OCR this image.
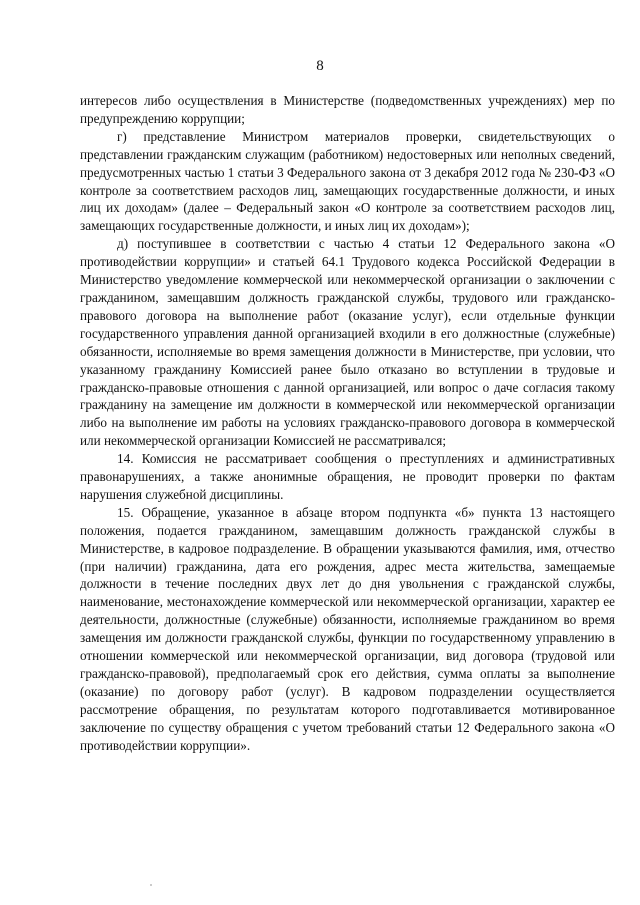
8

интересов либо осуществления в Министерстве (подведомственных учреждениях) мер по предупреждению коррупции;

г) представление Министром материалов проверки, свидетельствующих о представлении гражданским служащим (работником) недостоверных или неполных сведений, предусмотренных частью 1 статьи 3 Федерального закона от 3 декабря 2012 года № 230-ФЗ «О контроле за соответствием расходов лиц, замещающих государственные должности, и иных лиц их доходам» (далее – Федеральный закон «О контроле за соответствием расходов лиц, замещающих государственные должности, и иных лиц их доходам»);

д) поступившее в соответствии с частью 4 статьи 12 Федерального закона «О противодействии коррупции» и статьей 64.1 Трудового кодекса Российской Федерации в Министерство уведомление коммерческой или некоммерческой организации о заключении с гражданином, замещавшим должность гражданской службы, трудового или гражданско-правового договора на выполнение работ (оказание услуг), если отдельные функции государственного управления данной организацией входили в его должностные (служебные) обязанности, исполняемые во время замещения должности в Министерстве, при условии, что указанному гражданину Комиссией ранее было отказано во вступлении в трудовые и гражданско-правовые отношения с данной организацией, или вопрос о даче согласия такому гражданину на замещение им должности в коммерческой или некоммерческой организации либо на выполнение им работы на условиях гражданско-правового договора в коммерческой или некоммерческой организации Комиссией не рассматривался;

14. Комиссия не рассматривает сообщения о преступлениях и административных правонарушениях, а также анонимные обращения, не проводит проверки по фактам нарушения служебной дисциплины.

15. Обращение, указанное в абзаце втором подпункта «б» пункта 13 настоящего положения, подается гражданином, замещавшим должность гражданской службы в Министерстве, в кадровое подразделение. В обращении указываются фамилия, имя, отчество (при наличии) гражданина, дата его рождения, адрес места жительства, замещаемые должности в течение последних двух лет до дня увольнения с гражданской службы, наименование, местонахождение коммерческой или некоммерческой организации, характер ее деятельности, должностные (служебные) обязанности, исполняемые гражданином во время замещения им должности гражданской службы, функции по государственному управлению в отношении коммерческой или некоммерческой организации, вид договора (трудовой или гражданско-правовой), предполагаемый срок его действия, сумма оплаты за выполнение (оказание) по договору работ (услуг). В кадровом подразделении осуществляется рассмотрение обращения, по результатам которого подготавливается мотивированное заключение по существу обращения с учетом требований статьи 12 Федерального закона «О противодействии коррупции».
